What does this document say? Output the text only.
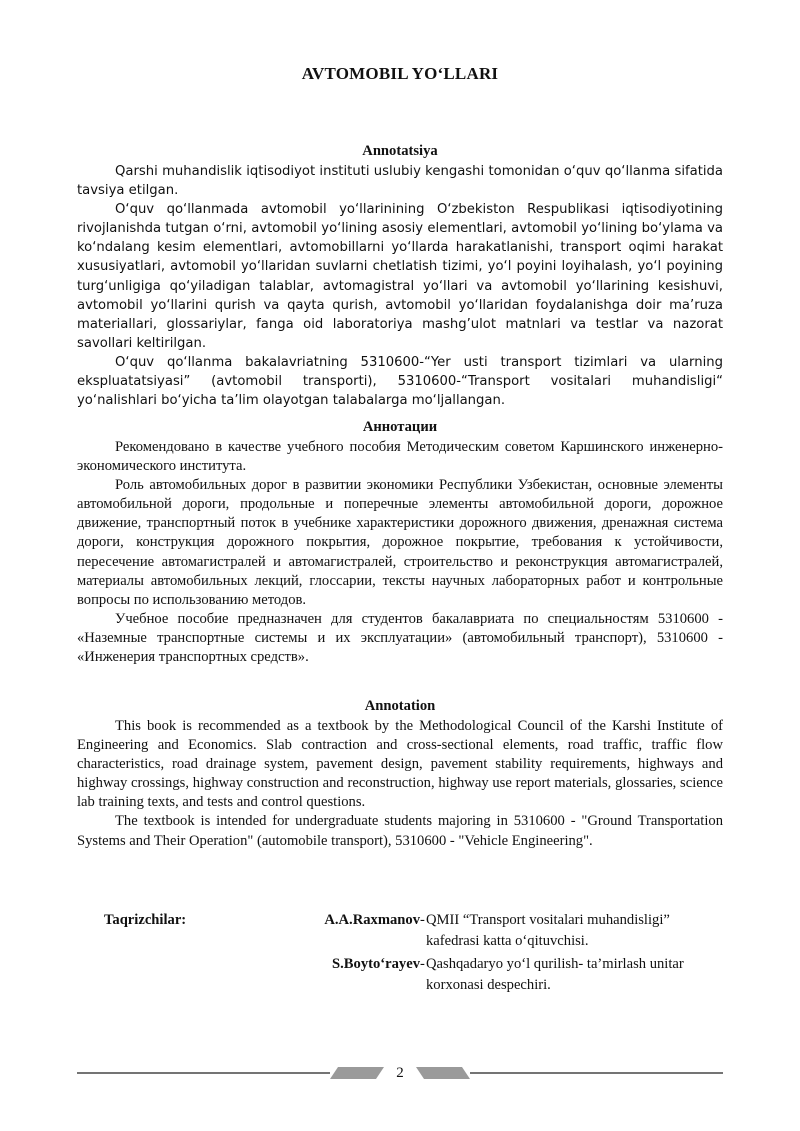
AVTOMOBIL YO‘LLARI
Annotatsiya

Qarshi muhandislik iqtisodiyot instituti uslubiy kengashi tomonidan o‘quv qo‘llanma sifatida tavsiya etilgan.

O‘quv qo‘llanmada avtomobil yo‘llarinining O‘zbekiston Respublikasi iqtisodiyotining rivojlanishda tutgan o‘rni, avtomobil yo‘lining asosiy elementlari, avtomobil yo‘lining bo‘ylama va ko‘ndalang kesim elementlari, avtomobillarni yo‘llarda harakatlanishi, transport oqimi harakat xususiyatlari, avtomobil yo‘llaridan suvlarni chetlatish tizimi, yo‘l poyini loyihalash, yo‘l poyining turg‘unligiga qo‘yiladigan talablar, avtomagistral yo‘llari va avtomobil yo‘llarining kesishuvi, avtomobil yo‘llarini qurish va qayta qurish, avtomobil yo‘llaridan foydalanishga doir ma’ruza materiallari, glossariylar, fanga oid laboratoriya mashg’ulot matnlari va testlar va nazorat savollari keltirilgan.

O‘quv qo‘llanma bakalavriatning 5310600-“Yer usti transport tizimlari va ularning ekspluatatsiyasi” (avtomobil transporti), 5310600-“Transport vositalari muhandisligi“ yo‘nalishlari bo‘yicha ta’lim olayotgan talabalarga mo‘ljallangan.

Аннотации

Рекомендовано в качестве учебного пособия Методическим советом Каршинского инженерно-экономического института.

Роль автомобильных дорог в развитии экономики Республики Узбекистан, основные элементы автомобильной дороги, продольные и поперечные элементы автомобильной дороги, дорожное движение, транспортный поток в учебнике характеристики дорожного движения, дренажная система дороги, конструкция дорожного покрытия, дорожное покрытие, требования к устойчивости, пересечение автомагистралей и автомагистралей, строительство и реконструкция автомагистралей, материалы автомобильных лекций, глоссарии, тексты научных лабораторных работ и контрольные вопросы по использованию методов.

Учебное пособие предназначен для студентов бакалавриата по специальностям 5310600 - «Наземные транспортные системы и их эксплуатации» (автомобильный транспорт), 5310600 - «Инженерия транспортных средств».

Annotation

This book is recommended as a textbook by the Methodological Council of the Karshi Institute of Engineering and Economics. Slab contraction and cross-sectional elements, road traffic, traffic flow characteristics, road drainage system, pavement design, pavement stability requirements, highways and highway crossings, highway construction and reconstruction, highway use report materials, glossaries, science lab training texts, and tests and control questions.

The textbook is intended for undergraduate students majoring in 5310600 - "Ground Transportation Systems and Their Operation" (automobile transport), 5310600 - "Vehicle Engineering".

Taqrizchilar:	A.A.Raxmanov - QMII “Transport vositalari muhandisligi”
kafedrasi katta o‘qituvchisi.
S.Boyto‘rayev - Qashqadaryo yo‘l qurilish- ta’mirlash unitar
korxonasi despechiri.
2
